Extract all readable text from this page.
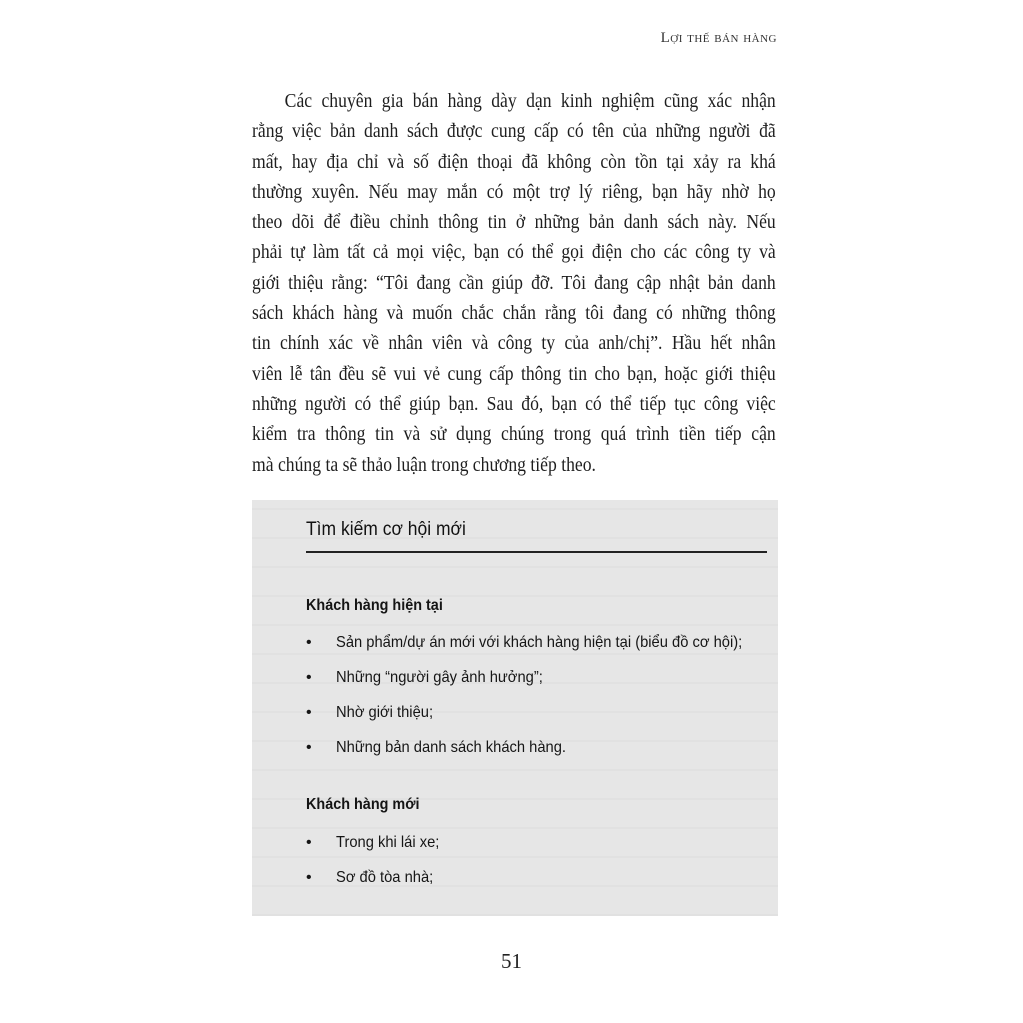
Lợi thế bán hàng
Các chuyên gia bán hàng dày dạn kinh nghiệm cũng xác nhận
rằng việc bản danh sách được cung cấp có tên của những người đã
mất, hay địa chỉ và số điện thoại đã không còn tồn tại xảy ra khá
thường xuyên. Nếu may mắn có một trợ lý riêng, bạn hãy nhờ họ
theo dõi để điều chỉnh thông tin ở những bản danh sách này. Nếu
phải tự làm tất cả mọi việc, bạn có thể gọi điện cho các công ty và
giới thiệu rằng: “Tôi đang cần giúp đỡ. Tôi đang cập nhật bản danh
sách khách hàng và muốn chắc chắn rằng tôi đang có những thông
tin chính xác về nhân viên và công ty của anh/chị”. Hầu hết nhân
viên lễ tân đều sẽ vui vẻ cung cấp thông tin cho bạn, hoặc giới thiệu
những người có thể giúp bạn. Sau đó, bạn có thể tiếp tục công việc
kiểm tra thông tin và sử dụng chúng trong quá trình tiền tiếp cận
mà chúng ta sẽ thảo luận trong chương tiếp theo.
Tìm kiếm cơ hội mới
Khách hàng hiện tại
• Sản phẩm/dự án mới với khách hàng hiện tại (biểu đồ cơ hội);
• Những “người gây ảnh hưởng”;
• Nhờ giới thiệu;
• Những bản danh sách khách hàng.
Khách hàng mới
• Trong khi lái xe;
• Sơ đồ tòa nhà;
51
